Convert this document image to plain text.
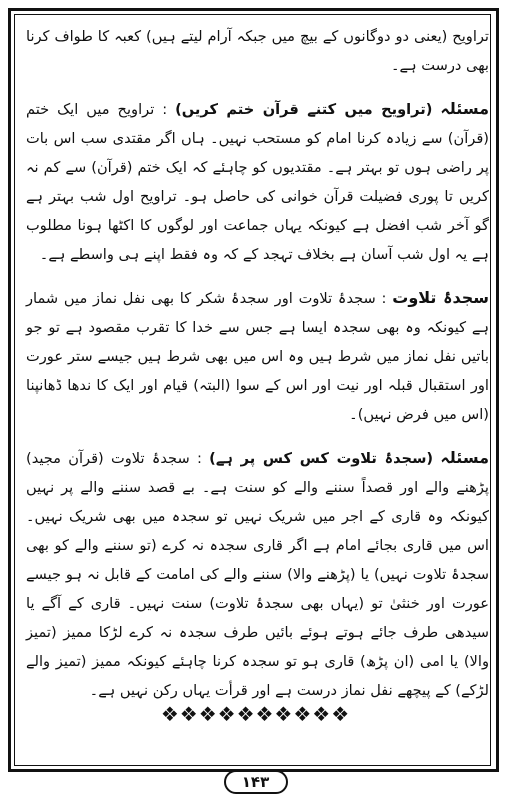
تراویح (یعنی دو دوگانوں کے بیچ میں جبکہ آرام لیتے ہیں) کعبہ کا طواف کرنا بھی درست ہے۔

مسئلہ (تراویح میں کتنے قرآن ختم کریں) : تراویح میں ایک ختم (قرآن) سے زیادہ کرنا امام کو مستحب نہیں۔ ہاں اگر مقتدی سب اس بات پر راضی ہوں تو بہتر ہے۔ مقتدیوں کو چاہئے کہ ایک ختم (قرآن) سے کم نہ کریں تا پوری فضیلت قرآن خوانی کی حاصل ہو۔ تراویح اول شب بہتر ہے گو آخر شب افضل ہے کیونکہ یہاں جماعت اور لوگوں کا اکٹھا ہونا مطلوب ہے یہ اول شب آسان ہے بخلاف تہجد کے کہ وہ فقط اپنے ہی واسطے ہے۔

سجدۂ تلاوت : سجدۂ تلاوت اور سجدۂ شکر کا بھی نفل نماز میں شمار ہے کیونکہ وہ بھی سجدہ ایسا ہے جس سے خدا کا تقرب مقصود ہے تو جو باتیں نفل نماز میں شرط ہیں وہ اس میں بھی شرط ہیں جیسے ستر عورت اور استقبال قبلہ اور نیت اور اس کے سوا (البتہ) قیام اور ایک کا ندھا ڈھانپنا (اس میں فرض نہیں)۔

مسئلہ (سجدۂ تلاوت کس کس پر ہے) : سجدۂ تلاوت (قرآن مجید) پڑھنے والے اور قصداً سننے والے کو سنت ہے۔ بے قصد سننے والے پر نہیں کیونکہ وہ قاری کے اجر میں شریک نہیں تو سجدہ میں بھی شریک نہیں۔ اس میں قاری بجائے امام ہے اگر قاری سجدہ نہ کرے (تو سننے والے کو بھی سجدۂ تلاوت نہیں) یا (پڑھنے والا) سننے والے کی امامت کے قابل نہ ہو جیسے عورت اور خنثیٰ تو (یہاں بھی سجدۂ تلاوت) سنت نہیں۔ قاری کے آگے یا سیدھی طرف جائے ہوتے ہوئے بائیں طرف سجدہ نہ کرے لڑکا ممیز (تمیز والا) یا امی (ان پڑھ) قاری ہو تو سجدہ کرنا چاہئے کیونکہ ممیز (تمیز والے لڑکے) کے پیچھے نفل نماز درست ہے اور قرأت یہاں رکن نہیں ہے۔

❖❖❖❖❖❖❖❖❖❖
۱۴۳
